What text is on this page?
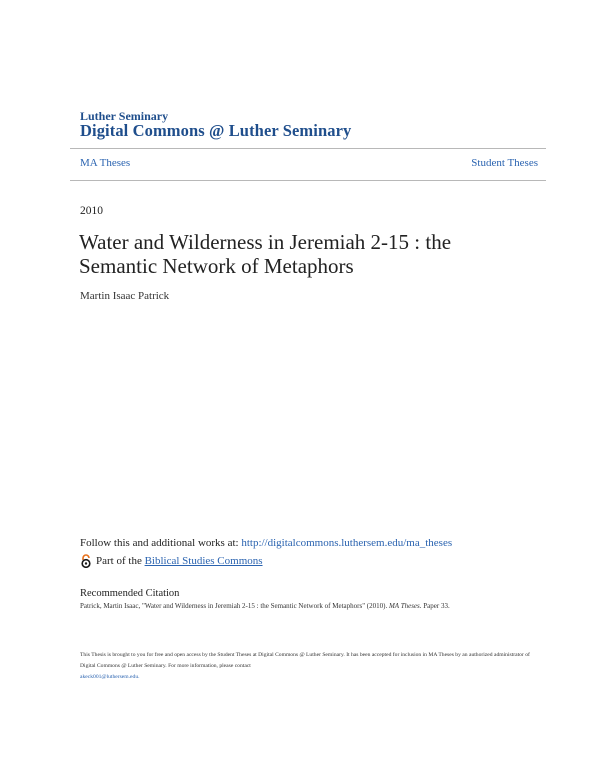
Luther Seminary
Digital Commons @ Luther Seminary
MA Theses	Student Theses
2010
Water and Wilderness in Jeremiah 2-15 : the Semantic Network of Metaphors
Martin Isaac Patrick
Follow this and additional works at: http://digitalcommons.luthersem.edu/ma_theses
Part of the
Biblical Studies Commons
Recommended Citation
Patrick, Martin Isaac, "Water and Wilderness in Jeremiah 2-15 : the Semantic Network of Metaphors" (2010). MA Theses. Paper 33.
This Thesis is brought to you for free and open access by the Student Theses at Digital Commons @ Luther Seminary. It has been accepted for inclusion in MA Theses by an authorized administrator of Digital Commons @ Luther Seminary. For more information, please contact
akeck001@luthersem.edu.
